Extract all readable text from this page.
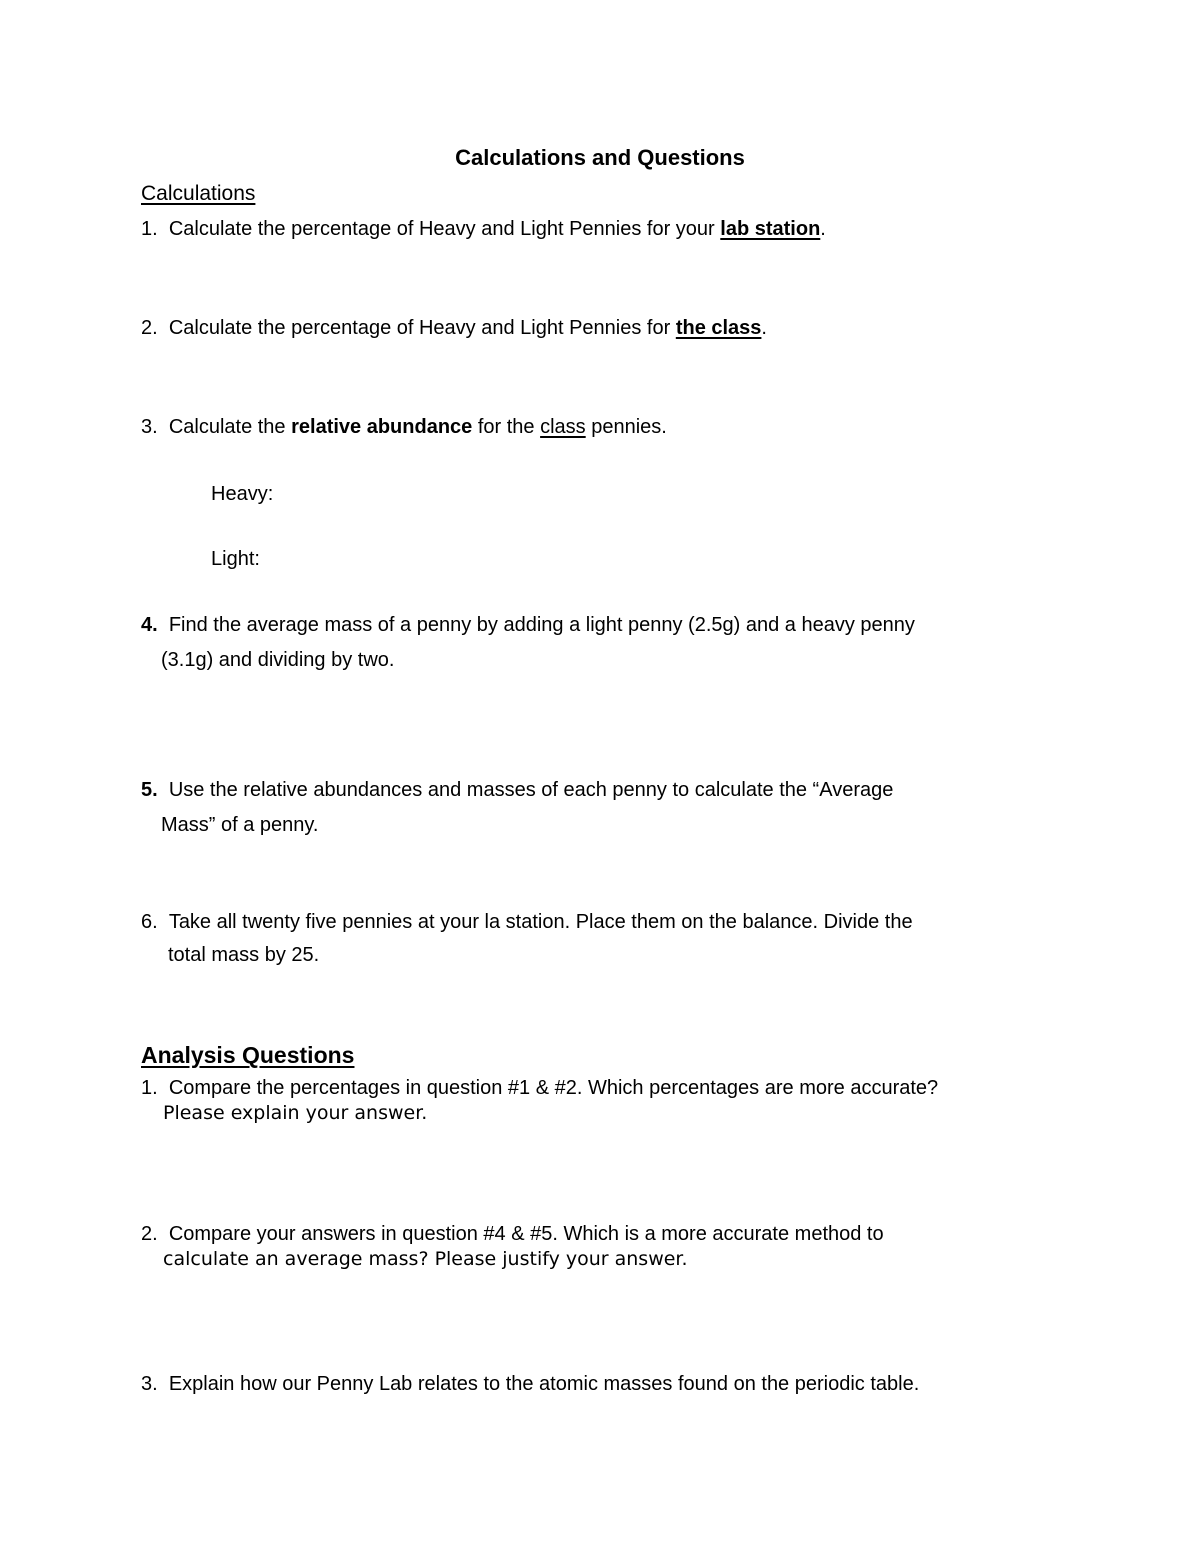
Calculations and Questions
Calculations
1. Calculate the percentage of Heavy and Light Pennies for your lab station.
2. Calculate the percentage of Heavy and Light Pennies for the class.
3. Calculate the relative abundance for the class pennies.
Heavy:
Light:
4. Find the average mass of a penny by adding a light penny (2.5g) and a heavy penny
(3.1g) and dividing by two.
5. Use the relative abundances and masses of each penny to calculate the “Average
Mass” of a penny.
6. Take all twenty five pennies at your la station. Place them on the balance. Divide the
total mass by 25.
Analysis Questions
1. Compare the percentages in question #1 & #2. Which percentages are more accurate?
Please explain your answer.
2. Compare your answers in question #4 & #5. Which is a more accurate method to
calculate an average mass? Please justify your answer.
3. Explain how our Penny Lab relates to the atomic masses found on the periodic table.
